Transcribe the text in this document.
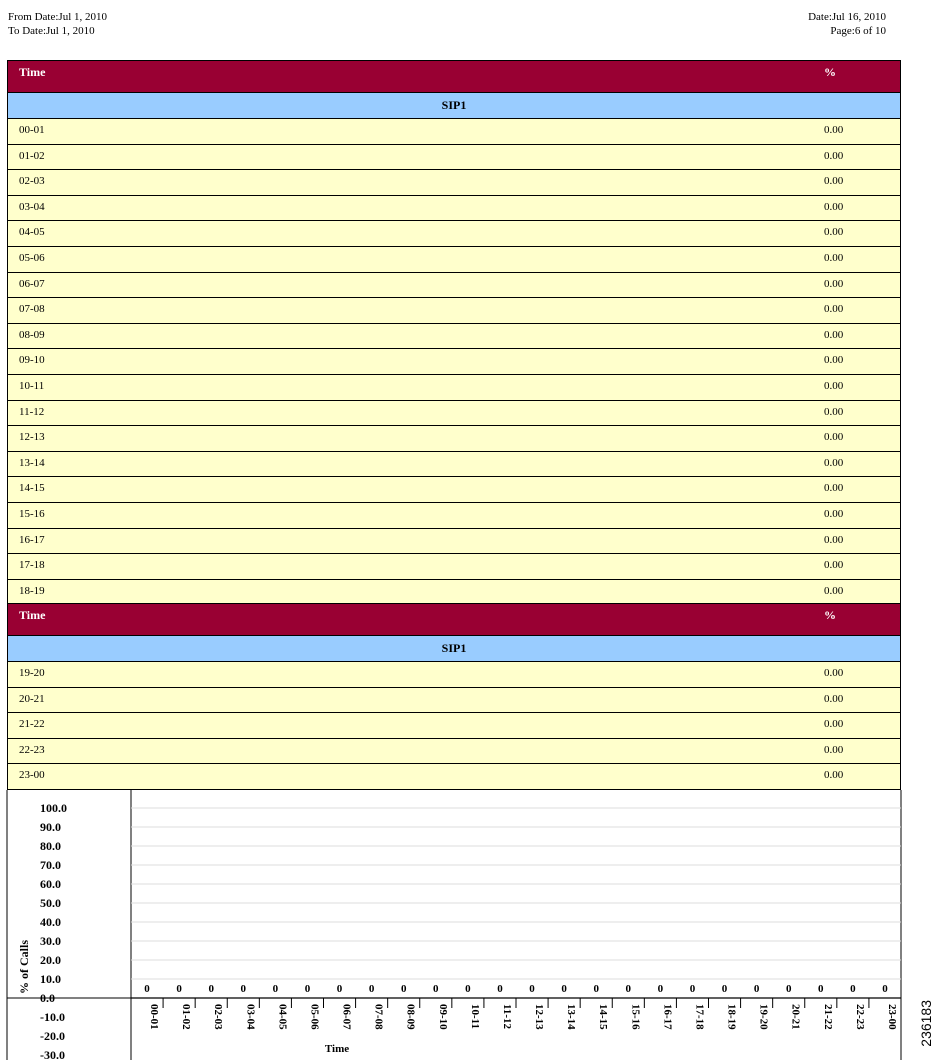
From Date:Jul 1, 2010
To Date:Jul 1, 2010
Date:Jul 16, 2010
Page:6 of 10
Time	%
SIP1
00-01	0.00
01-02	0.00
02-03	0.00
03-04	0.00
04-05	0.00
05-06	0.00
06-07	0.00
07-08	0.00
08-09	0.00
09-10	0.00
10-11	0.00
11-12	0.00
12-13	0.00
13-14	0.00
14-15	0.00
15-16	0.00
16-17	0.00
17-18	0.00
18-19	0.00
Time	%
SIP1
19-20	0.00
20-21	0.00
21-22	0.00
22-23	0.00
23-00	0.00
100.0
90.0
80.0
70.0
60.0
50.0
40.0
30.0
20.0
10.0
0.0
-10.0
-20.0
-30.0
% of Calls	0
00-01
0
01-02
0
02-03
0
03-04
0
04-05
0
05-06
0
06-07
0
07-08
0
08-09
0
09-10
0
10-11
0
11-12
0
12-13
0
13-14
0
14-15
0
15-16
0
16-17
0
17-18
0
18-19
0
19-20
0
20-21
0
21-22
0
22-23
0
23-00
Time
236183
